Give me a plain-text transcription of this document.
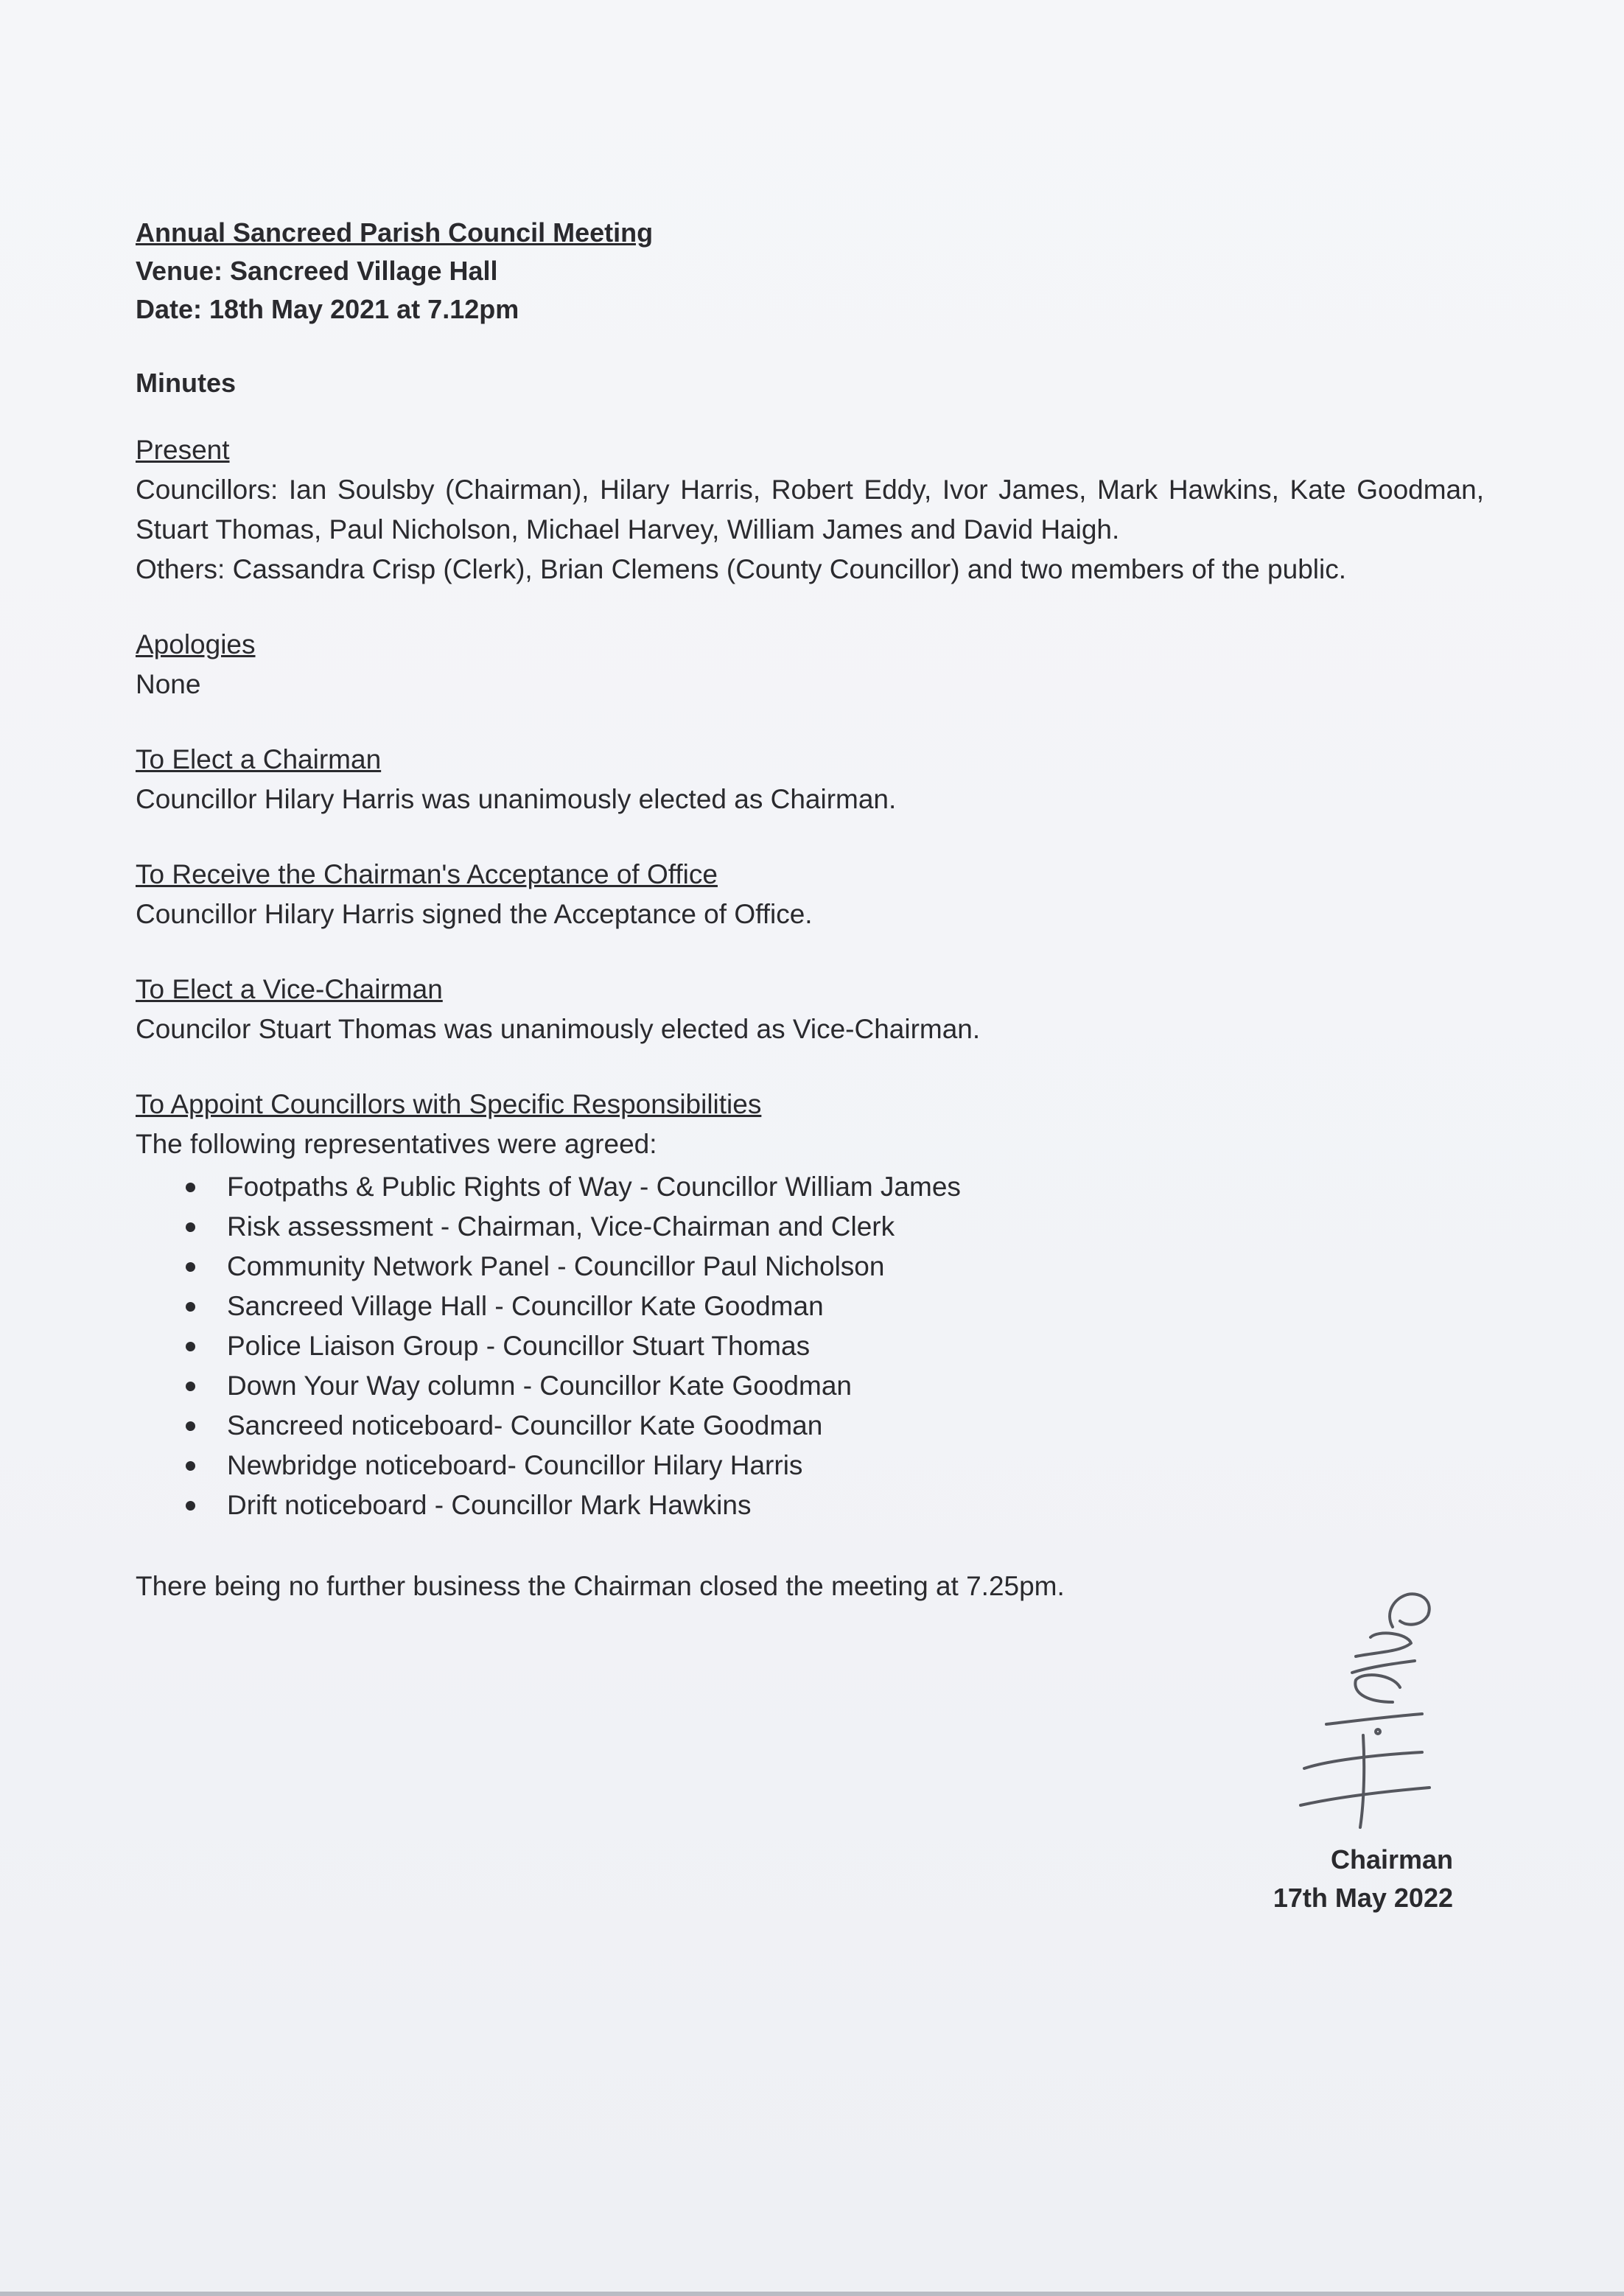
Annual Sancreed Parish Council Meeting

Venue: Sancreed Village Hall

Date: 18th May 2021 at 7.12pm

Minutes

Present

Councillors: Ian Soulsby (Chairman), Hilary Harris, Robert Eddy, Ivor James, Mark Hawkins, Kate Goodman, Stuart Thomas, Paul Nicholson, Michael Harvey, William James and David Haigh.

Others: Cassandra Crisp (Clerk), Brian Clemens (County Councillor) and two members of the public.

Apologies

None

To Elect a Chairman

Councillor Hilary Harris was unanimously elected as Chairman.

To Receive the Chairman's Acceptance of Office

Councillor Hilary Harris signed the Acceptance of Office.

To Elect a Vice-Chairman

Councilor Stuart Thomas was unanimously elected as Vice-Chairman.

To Appoint Councillors with Specific Responsibilities

The following representatives were agreed:

Footpaths & Public Rights of Way - Councillor William James
Risk assessment - Chairman, Vice-Chairman and Clerk
Community Network Panel - Councillor Paul Nicholson
Sancreed Village Hall - Councillor Kate Goodman
Police Liaison Group - Councillor Stuart Thomas
Down Your Way column - Councillor Kate Goodman
Sancreed noticeboard- Councillor Kate Goodman
Newbridge noticeboard- Councillor Hilary Harris
Drift noticeboard - Councillor Mark Hawkins

There being no further business the Chairman closed the meeting at 7.25pm.

Chairman
17th May 2022
